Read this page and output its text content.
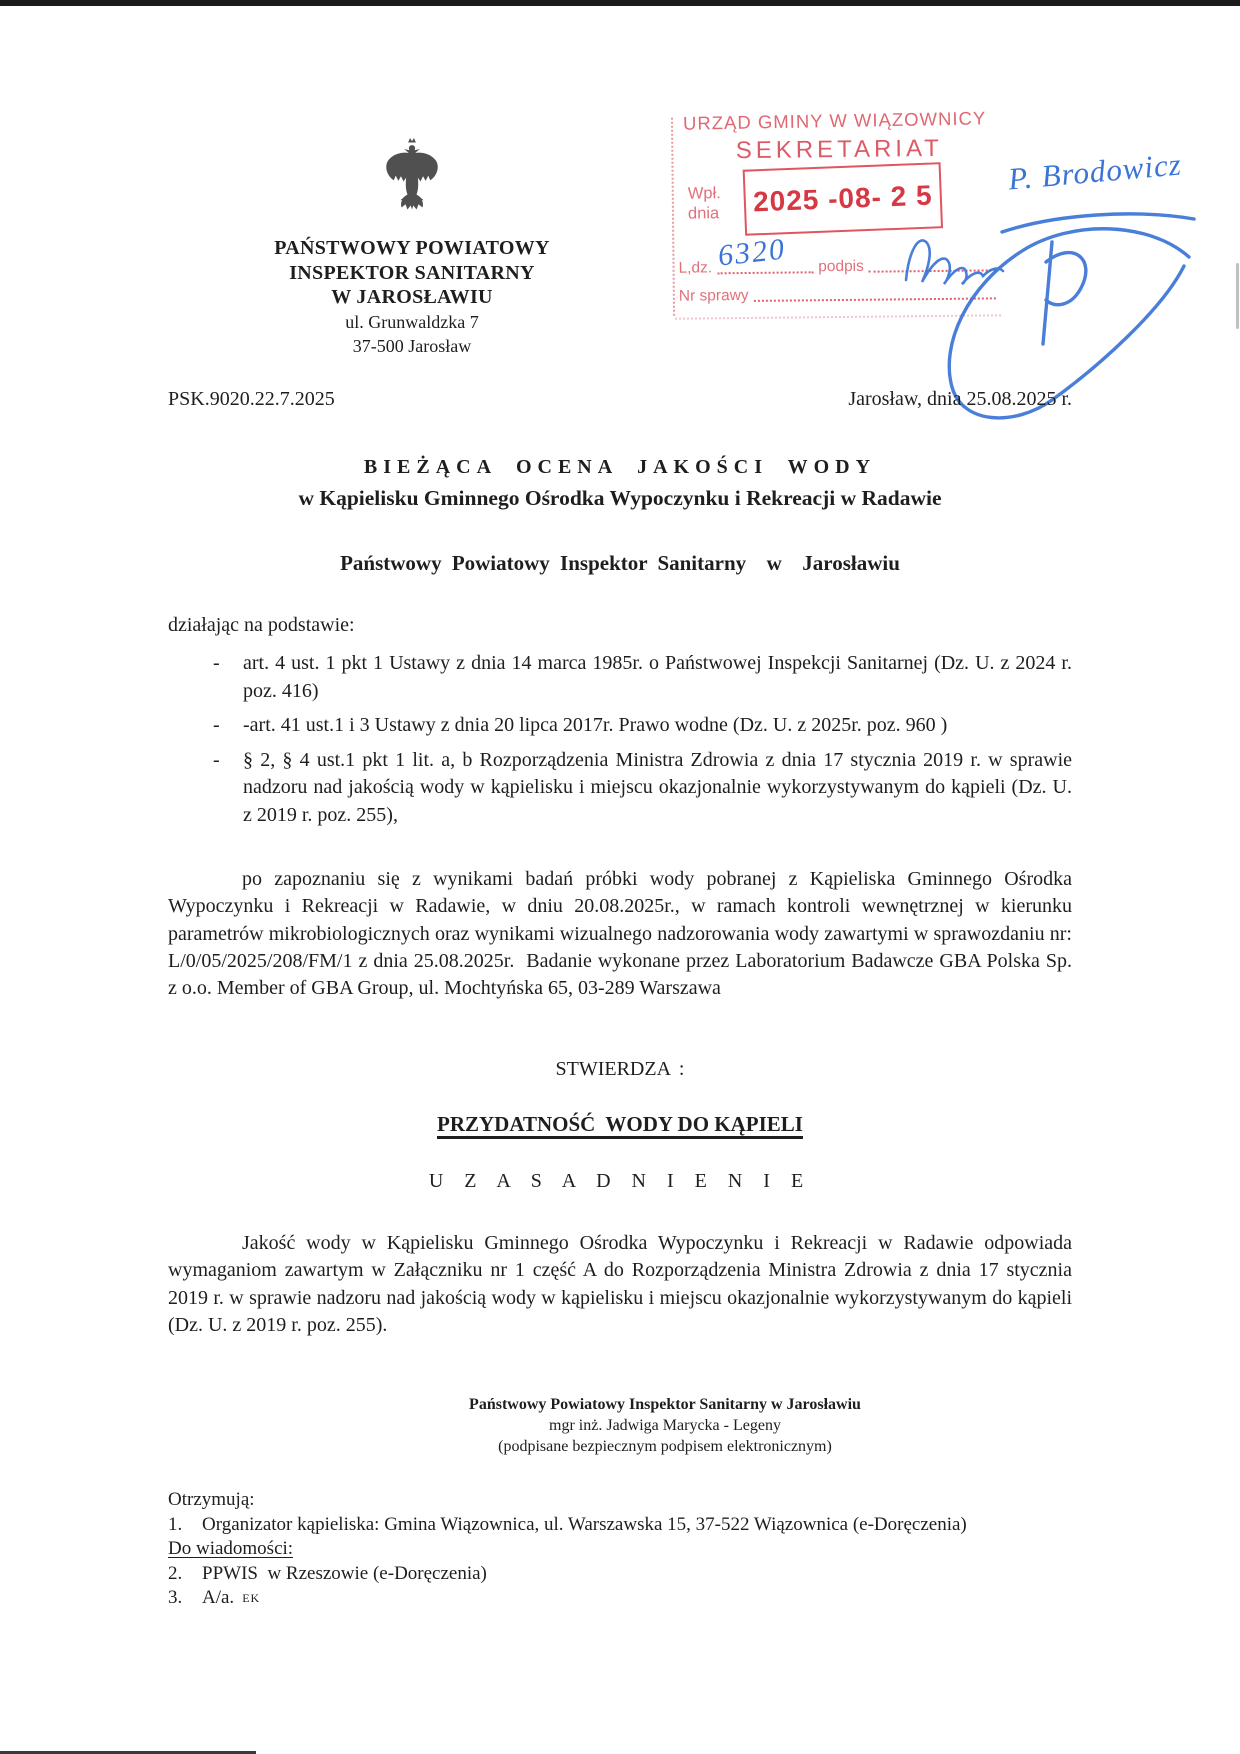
PAŃSTWOWY POWIATOWY
INSPEKTOR SANITARNY
W JAROSŁAWIU
ul. Grunwaldzka 7
37-500 Jarosław
URZĄD GMINY W WIĄZOWNICY
SEKRETARIAT
Wpł.
dnia	2025 -08- 2 5
L,dz.	podpis
Nr sprawy
P. Brodowicz
6320
PSK.9020.22.7.2025	Jarosław, dnia 25.08.2025 r.
BIEŻĄCA OCENA JAKOŚCI WODY
w Kąpielisku Gminnego Ośrodka Wypoczynku i Rekreacji w Radawie
Państwowy Powiatowy Inspektor Sanitarny  w  Jarosławiu
działając na podstawie:
-	art. 4 ust. 1 pkt 1 Ustawy z dnia 14 marca 1985r. o Państwowej Inspekcji Sanitarnej (Dz. U. z 2024 r. poz. 416)
-	-art. 41 ust.1 i 3 Ustawy z dnia 20 lipca 2017r. Prawo wodne (Dz. U. z 2025r. poz. 960 )
-	§ 2, § 4 ust.1 pkt 1 lit. a, b Rozporządzenia Ministra Zdrowia z dnia 17 stycznia 2019 r. w sprawie nadzoru nad jakością wody w kąpielisku i miejscu okazjonalnie wykorzystywanym do kąpieli (Dz. U. z 2019 r. poz. 255),
po zapoznaniu się z wynikami badań próbki wody pobranej z Kąpieliska Gminnego Ośrodka Wypoczynku i Rekreacji w Radawie, w dniu 20.08.2025r., w ramach kontroli wewnętrznej w kierunku parametrów mikrobiologicznych oraz wynikami wizualnego nadzorowania wody zawartymi w sprawozdaniu nr: L/0/05/2025/208/FM/1 z dnia 25.08.2025r.  Badanie wykonane przez Laboratorium Badawcze GBA Polska Sp. z o.o. Member of GBA Group, ul. Mochtyńska 65, 03-289 Warszawa
STWIERDZA :
PRZYDATNOŚĆ  WODY DO KĄPIELI
U Z A S A D N I E N I E
Jakość wody w Kąpielisku Gminnego Ośrodka Wypoczynku i Rekreacji w Radawie odpowiada wymaganiom zawartym w Załączniku nr 1 część A do Rozporządzenia Ministra Zdrowia z dnia 17 stycznia 2019 r. w sprawie nadzoru nad jakością wody w kąpielisku i miejscu okazjonalnie wykorzystywanym do kąpieli (Dz. U. z 2019 r. poz. 255).
Państwowy Powiatowy Inspektor Sanitarny w Jarosławiu
mgr inż. Jadwiga Marycka - Legeny
(podpisane bezpiecznym podpisem elektronicznym)
Otrzymują:
1.	Organizator kąpieliska: Gmina Wiązownica, ul. Warszawska 15, 37-522 Wiązownica (e-Doręczenia)
Do wiadomości:
2.	PPWIS  w Rzeszowie (e-Doręczenia)
3.	A/a. EK
